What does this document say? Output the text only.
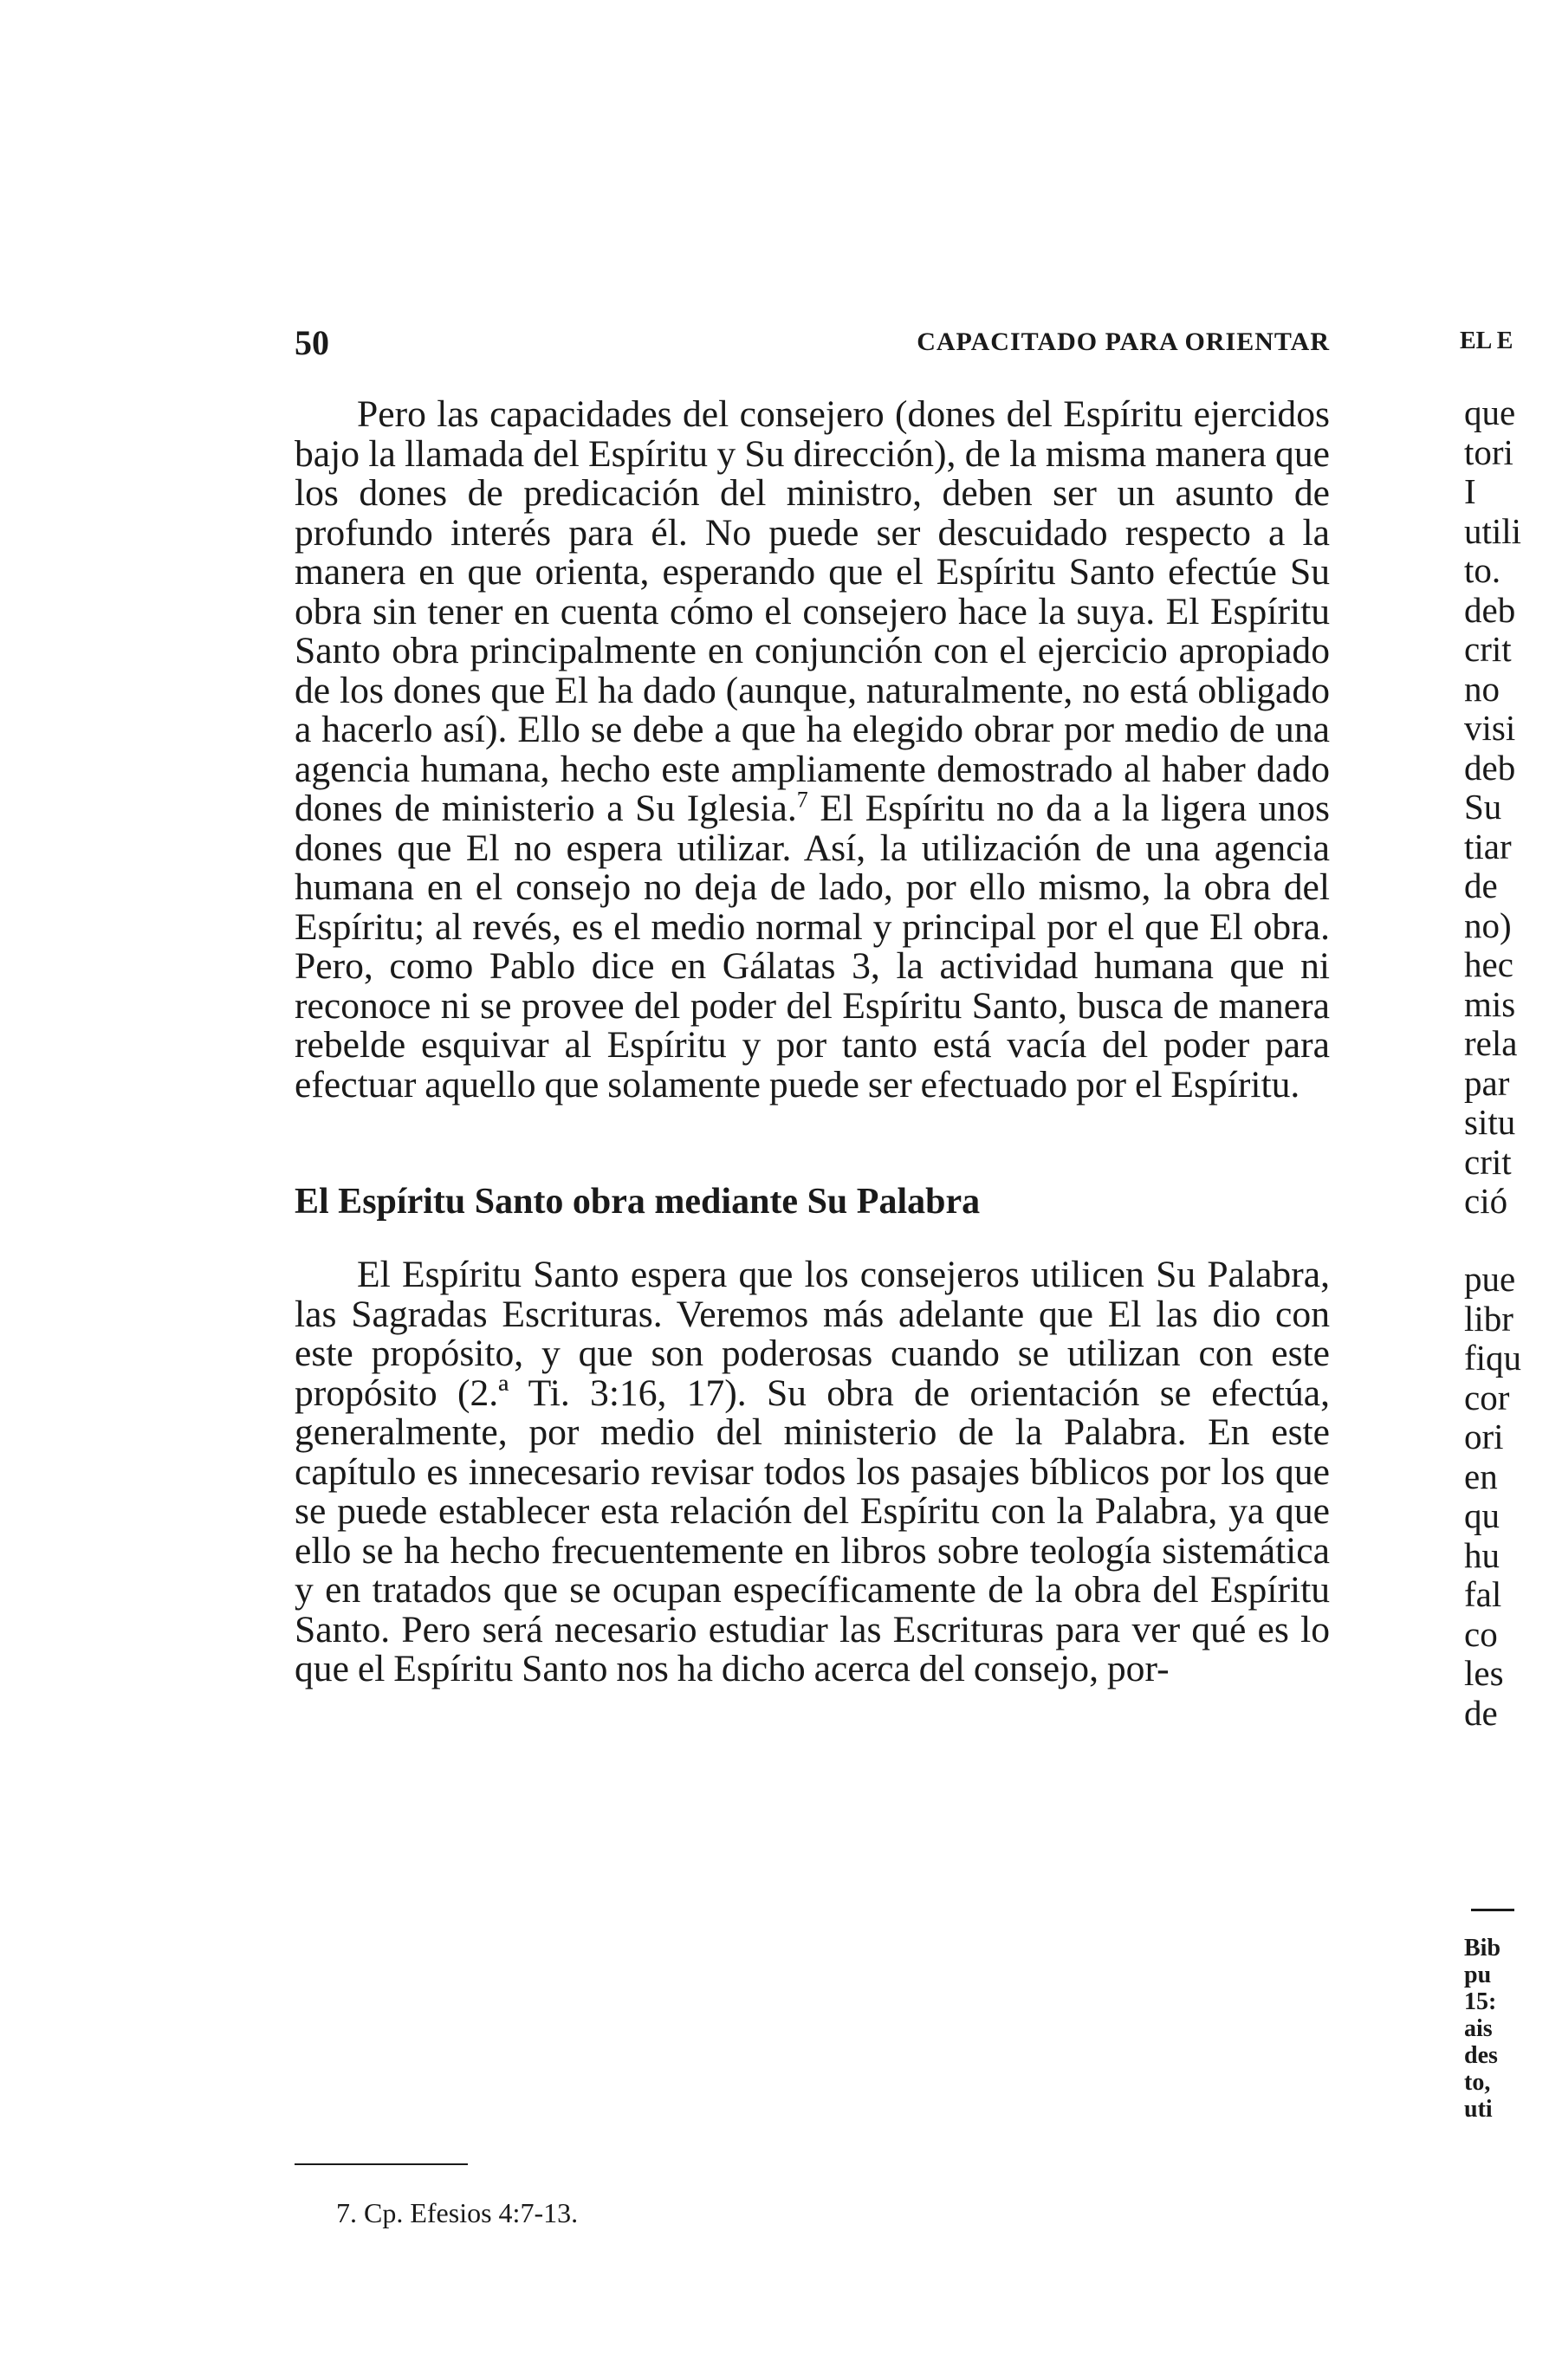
50	CAPACITADO PARA ORIENTAR	EL E

Pero las capacidades del consejero (dones del Espíritu ejercidos bajo la llamada del Espíritu y Su dirección), de la misma manera que los dones de predicación del ministro, deben ser un asunto de profundo interés para él. No puede ser descuidado respecto a la manera en que orienta, esperando que el Espíritu Santo efectúe Su obra sin tener en cuenta cómo el consejero hace la suya. El Espíritu Santo obra principalmente en conjunción con el ejercicio apropiado de los dones que El ha dado (aunque, naturalmente, no está obligado a hacerlo así). Ello se debe a que ha elegido obrar por medio de una agencia humana, hecho este ampliamente demostrado al haber dado dones de ministerio a Su Iglesia.$^7$ El Espíritu no da a la ligera unos dones que El no espera utilizar. Así, la utilización de una agencia humana en el consejo no deja de lado, por ello mismo, la obra del Espíritu; al revés, es el medio normal y principal por el que El obra. Pero, como Pablo dice en Gálatas 3, la actividad humana que ni reconoce ni se provee del poder del Espíritu Santo, busca de manera rebelde esquivar al Espíritu y por tanto está vacía del poder para efectuar aquello que solamente puede ser efectuado por el Espíritu.

El Espíritu Santo obra mediante Su Palabra

El Espíritu Santo espera que los consejeros utilicen Su Palabra, las Sagradas Escrituras. Veremos más adelante que El las dio con este propósito, y que son poderosas cuando se utilizan con este propósito (2.ª Ti. 3:16, 17). Su obra de orientación se efectúa, generalmente, por medio del ministerio de la Palabra. En este capítulo es innecesario revisar todos los pasajes bíblicos por los que se puede establecer esta relación del Espíritu con la Palabra, ya que ello se ha hecho frecuentemente en libros sobre teología sistemática y en tratados que se ocupan específicamente de la obra del Espíritu Santo. Pero será necesario estudiar las Escrituras para ver qué es lo que el Espíritu Santo nos ha dicho acerca del consejo, por-

7. Cp. Efesios 4:7-13.
que
tori
I
utili
to.
deb
crit
no
visi
deb
Su
tiar
de
no)
hec
mis
rela
par
situ
crit
ció
pue
libr
fiqu
cor
ori
en
qu
hu
fal
co
les
de
Bib
pu
15:
ais
des
to,
uti
